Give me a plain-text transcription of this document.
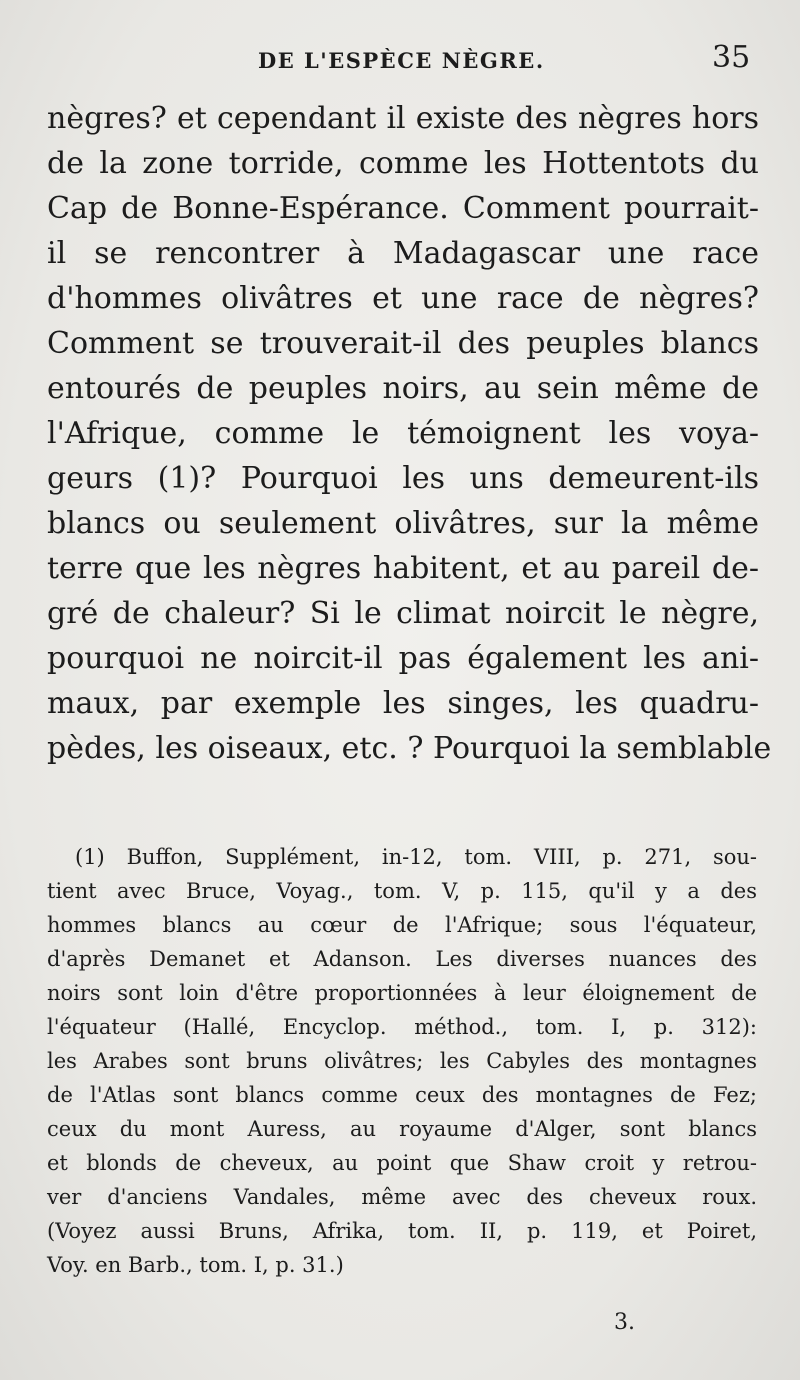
DE L'ESPÈCE NÈGRE.	35
nègres? et cependant il existe des nègres hors
de la zone torride, comme les Hottentots du
Cap de Bonne-Espérance. Comment pourrait-
il se rencontrer à Madagascar une race
d'hommes olivâtres et une race de nègres?
Comment se trouverait-il des peuples blancs
entourés de peuples noirs, au sein même de
l'Afrique, comme le témoignent les voya-
geurs (1)? Pourquoi les uns demeurent-ils
blancs ou seulement olivâtres, sur la même
terre que les nègres habitent, et au pareil de-
gré de chaleur? Si le climat noircit le nègre,
pourquoi ne noircit-il pas également les ani-
maux, par exemple les singes, les quadru-
pèdes, les oiseaux, etc. ? Pourquoi la semblable
(1) Buffon, Supplément, in-12, tom. VIII, p. 271, sou-
tient avec Bruce, Voyag., tom. V, p. 115, qu'il y a des
hommes blancs au cœur de l'Afrique; sous l'équateur,
d'après Demanet et Adanson. Les diverses nuances des
noirs sont loin d'être proportionnées à leur éloignement de
l'équateur (Hallé, Encyclop. méthod., tom. I, p. 312):
les Arabes sont bruns olivâtres; les Cabyles des montagnes
de l'Atlas sont blancs comme ceux des montagnes de Fez;
ceux du mont Auress, au royaume d'Alger, sont blancs
et blonds de cheveux, au point que Shaw croit y retrou-
ver d'anciens Vandales, même avec des cheveux roux.
(Voyez aussi Bruns, Afrika, tom. II, p. 119, et Poiret,
Voy. en Barb., tom. I, p. 31.)
3.
